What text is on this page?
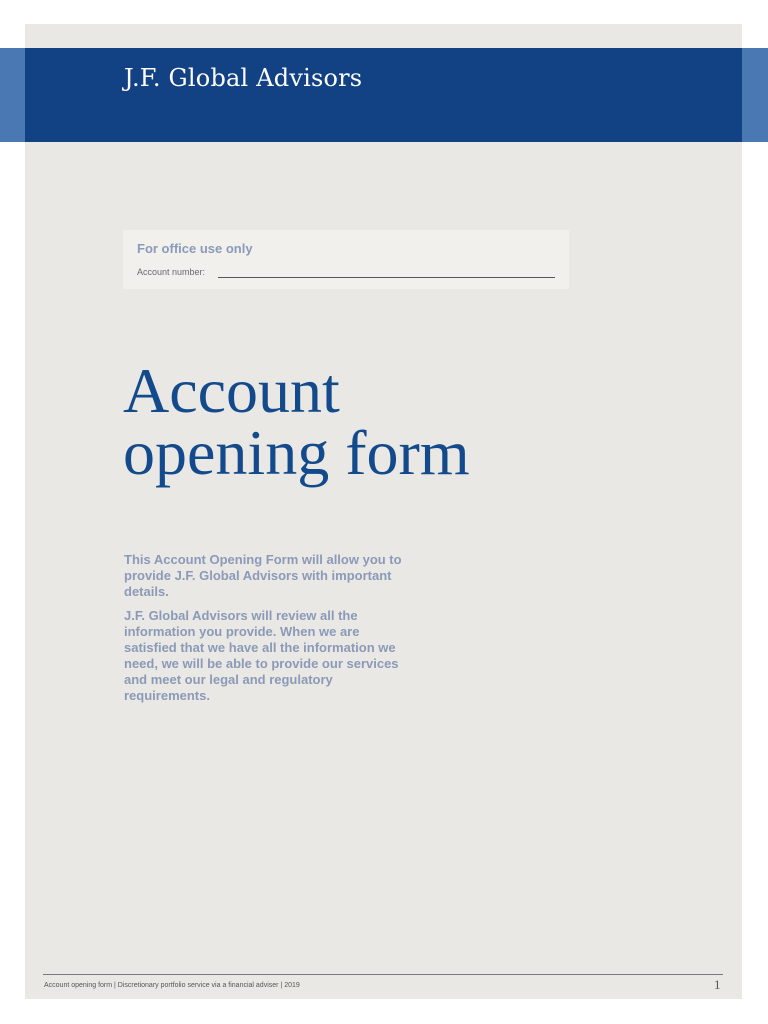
J.F. Global Advisors
For office use only
Account number:
Account
opening form

This Account Opening Form will allow you to provide J.F. Global Advisors with important details.

J.F. Global Advisors will review all the information you provide. When we are satisfied that we have all the information we need, we will be able to provide our services and meet our legal and regulatory requirements.

Account opening form | Discretionary portfolio service via a financial adviser | 2019	1
